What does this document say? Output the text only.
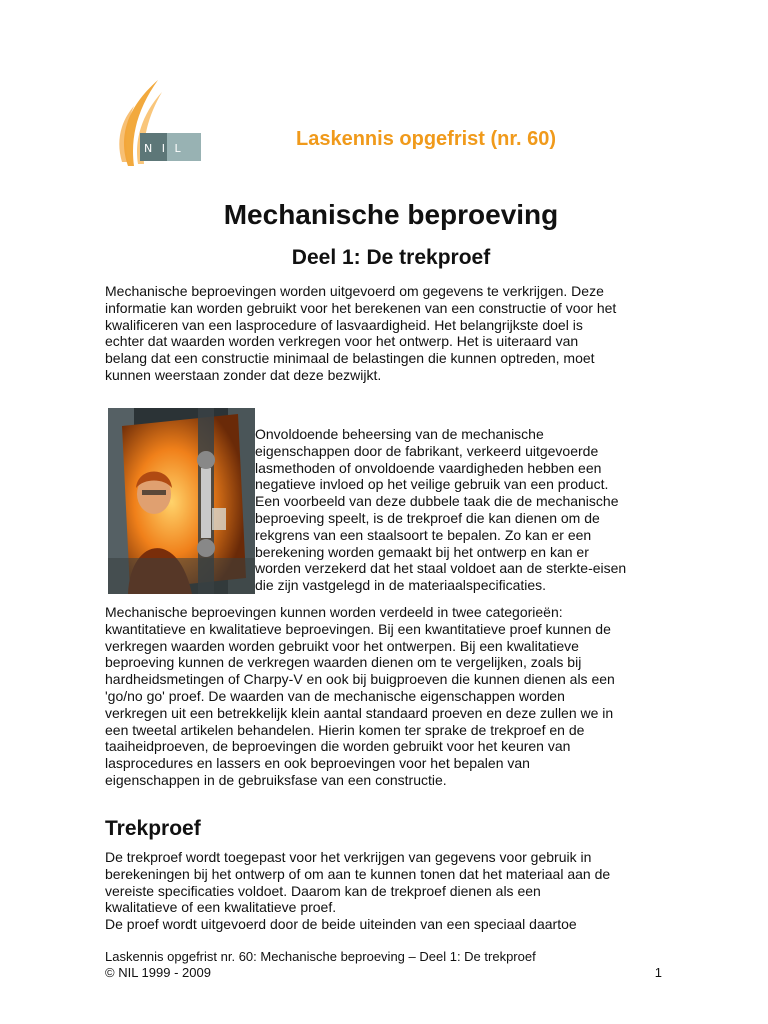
N I L	Laskennis opgefrist (nr. 60)
Mechanische beproeving
Deel 1: De trekproef

Mechanische beproevingen worden uitgevoerd om gegevens te verkrijgen. Deze
informatie kan worden gebruikt voor het berekenen van een constructie of voor het
kwalificeren van een lasprocedure of lasvaardigheid. Het belangrijkste doel is
echter dat waarden worden verkregen voor het ontwerp. Het is uiteraard van
belang dat een constructie minimaal de belastingen die kunnen optreden, moet
kunnen weerstaan zonder dat deze bezwijkt.

Onvoldoende beheersing van de mechanische
eigenschappen door de fabrikant, verkeerd uitgevoerde
lasmethoden of onvoldoende vaardigheden hebben een
negatieve invloed op het veilige gebruik van een product.
Een voorbeeld van deze dubbele taak die de mechanische
beproeving speelt, is de trekproef die kan dienen om de
rekgrens van een staalsoort te bepalen. Zo kan er een
berekening worden gemaakt bij het ontwerp en kan er
worden verzekerd dat het staal voldoet aan de sterkte-eisen
die zijn vastgelegd in de materiaalspecificaties.

Mechanische beproevingen kunnen worden verdeeld in twee categorieën:
kwantitatieve en kwalitatieve beproevingen. Bij een kwantitatieve proef kunnen de
verkregen waarden worden gebruikt voor het ontwerpen. Bij een kwalitatieve
beproeving kunnen de verkregen waarden dienen om te vergelijken, zoals bij
hardheidsmetingen of Charpy-V en ook bij buigproeven die kunnen dienen als een
'go/no go' proef. De waarden van de mechanische eigenschappen worden
verkregen uit een betrekkelijk klein aantal standaard proeven en deze zullen we in
een tweetal artikelen behandelen. Hierin komen ter sprake de trekproef en de
taaiheidproeven, de beproevingen die worden gebruikt voor het keuren van
lasprocedures en lassers en ook beproevingen voor het bepalen van
eigenschappen in de gebruiksfase van een constructie.

Trekproef

De trekproef wordt toegepast voor het verkrijgen van gegevens voor gebruik in
berekeningen bij het ontwerp of om aan te kunnen tonen dat het materiaal aan de
vereiste specificaties voldoet. Daarom kan de trekproef dienen als een
kwalitatieve of een kwalitatieve proef.
De proef wordt uitgevoerd door de beide uiteinden van een speciaal daartoe

Laskennis opgefrist nr. 60: Mechanische beproeving – Deel 1: De trekproef

© NIL 1999 - 2009	1
